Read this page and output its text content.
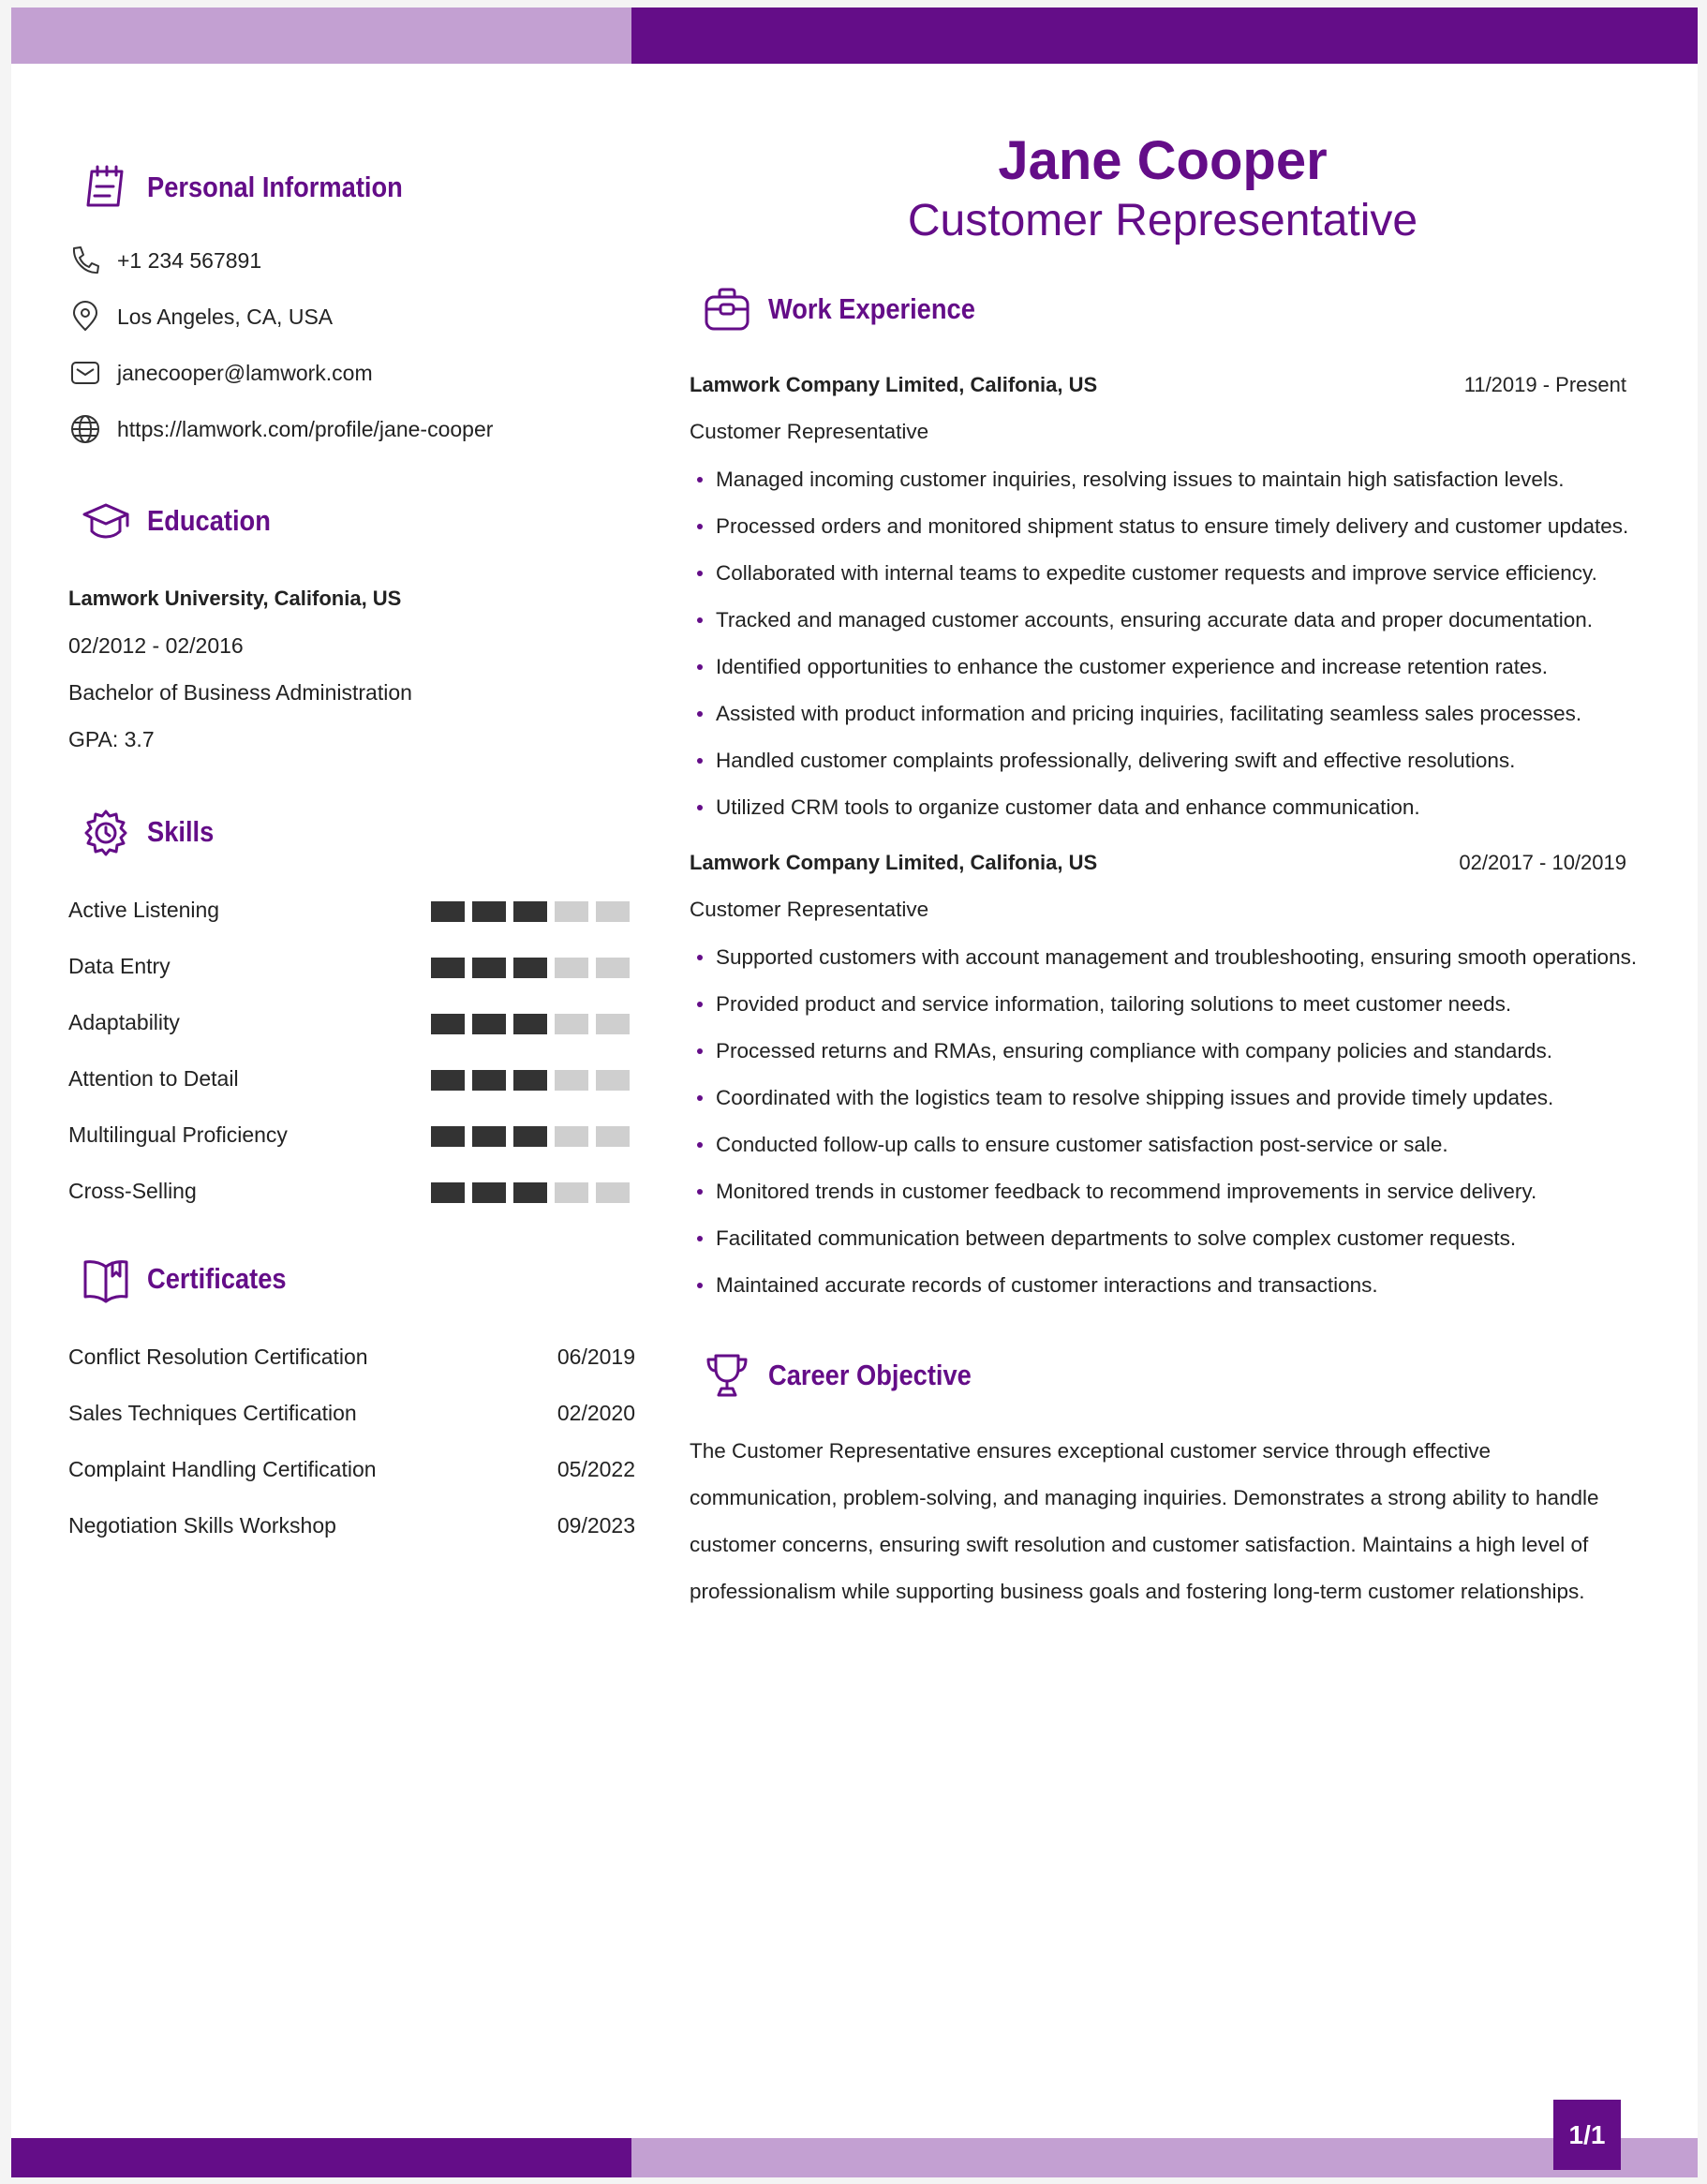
Personal Information
+1 234 567891
Los Angeles, CA, USA
janecooper@lamwork.com
https://lamwork.com/profile/jane-cooper
Education
Lamwork University, Califonia, US
02/2012 - 02/2016
Bachelor of Business Administration
GPA: 3.7
Skills
Active Listening
Data Entry
Adaptability
Attention to Detail
Multilingual Proficiency
Cross-Selling
Certificates
Conflict Resolution Certification	06/2019
Sales Techniques Certification	02/2020
Complaint Handling Certification	05/2022
Negotiation Skills Workshop	09/2023
Jane Cooper
Customer Representative
Work Experience
Lamwork Company Limited, Califonia, US	11/2019 - Present
Customer Representative
Managed incoming customer inquiries, resolving issues to maintain high satisfaction levels.
Processed orders and monitored shipment status to ensure timely delivery and customer updates.
Collaborated with internal teams to expedite customer requests and improve service efficiency.
Tracked and managed customer accounts, ensuring accurate data and proper documentation.
Identified opportunities to enhance the customer experience and increase retention rates.
Assisted with product information and pricing inquiries, facilitating seamless sales processes.
Handled customer complaints professionally, delivering swift and effective resolutions.
Utilized CRM tools to organize customer data and enhance communication.
Lamwork Company Limited, Califonia, US	02/2017 - 10/2019
Customer Representative
Supported customers with account management and troubleshooting, ensuring smooth operations.
Provided product and service information, tailoring solutions to meet customer needs.
Processed returns and RMAs, ensuring compliance with company policies and standards.
Coordinated with the logistics team to resolve shipping issues and provide timely updates.
Conducted follow-up calls to ensure customer satisfaction post-service or sale.
Monitored trends in customer feedback to recommend improvements in service delivery.
Facilitated communication between departments to solve complex customer requests.
Maintained accurate records of customer interactions and transactions.
Career Objective
The Customer Representative ensures exceptional customer service through effective communication, problem-solving, and managing inquiries. Demonstrates a strong ability to handle customer concerns, ensuring swift resolution and customer satisfaction. Maintains a high level of professionalism while supporting business goals and fostering long-term customer relationships.
1/1
